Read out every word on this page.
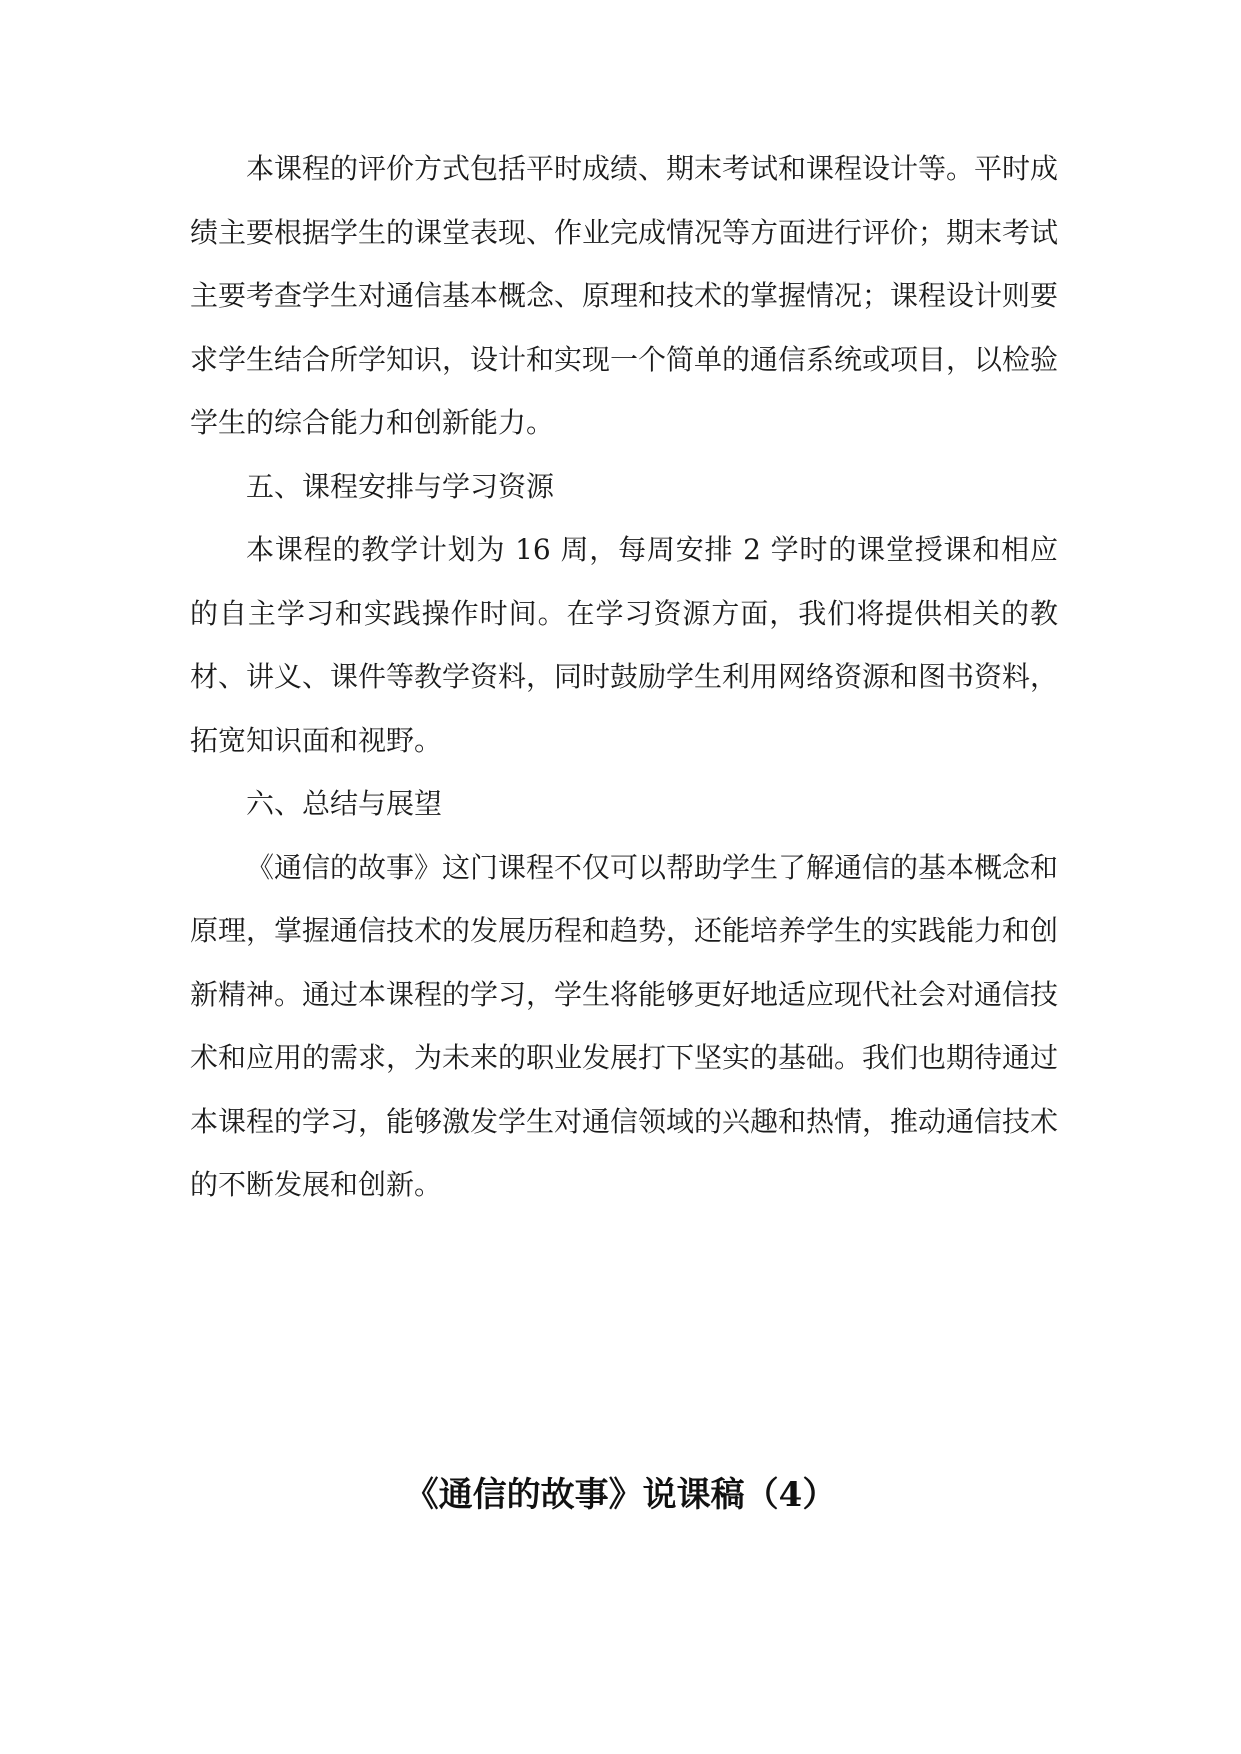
本课程的评价方式包括平时成绩、期末考试和课程设计等。平时成绩主要根据学生的课堂表现、作业完成情况等方面进行评价；期末考试主要考查学生对通信基本概念、原理和技术的掌握情况；课程设计则要求学生结合所学知识，设计和实现一个简单的通信系统或项目，以检验学生的综合能力和创新能力。

五、课程安排与学习资源

本课程的教学计划为 16 周，每周安排 2 学时的课堂授课和相应的自主学习和实践操作时间。在学习资源方面，我们将提供相关的教材、讲义、课件等教学资料，同时鼓励学生利用网络资源和图书资料，拓宽知识面和视野。

六、总结与展望

《通信的故事》这门课程不仅可以帮助学生了解通信的基本概念和原理，掌握通信技术的发展历程和趋势，还能培养学生的实践能力和创新精神。通过本课程的学习，学生将能够更好地适应现代社会对通信技术和应用的需求，为未来的职业发展打下坚实的基础。我们也期待通过本课程的学习，能够激发学生对通信领域的兴趣和热情，推动通信技术的不断发展和创新。

《通信的故事》说课稿（4）
